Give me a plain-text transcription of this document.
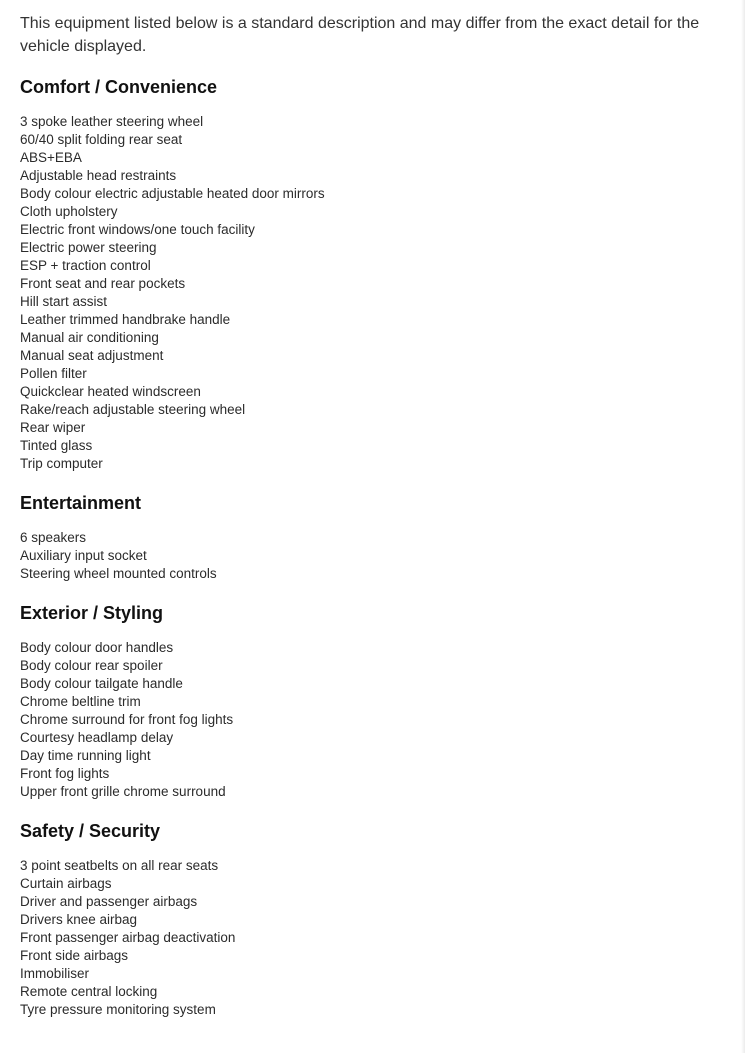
This equipment listed below is a standard description and may differ from the exact detail for the vehicle displayed.

Comfort / Convenience
3 spoke leather steering wheel
60/40 split folding rear seat
ABS+EBA
Adjustable head restraints
Body colour electric adjustable heated door mirrors
Cloth upholstery
Electric front windows/one touch facility
Electric power steering
ESP + traction control
Front seat and rear pockets
Hill start assist
Leather trimmed handbrake handle
Manual air conditioning
Manual seat adjustment
Pollen filter
Quickclear heated windscreen
Rake/reach adjustable steering wheel
Rear wiper
Tinted glass
Trip computer
Entertainment
6 speakers
Auxiliary input socket
Steering wheel mounted controls
Exterior / Styling
Body colour door handles
Body colour rear spoiler
Body colour tailgate handle
Chrome beltline trim
Chrome surround for front fog lights
Courtesy headlamp delay
Day time running light
Front fog lights
Upper front grille chrome surround
Safety / Security
3 point seatbelts on all rear seats
Curtain airbags
Driver and passenger airbags
Drivers knee airbag
Front passenger airbag deactivation
Front side airbags
Immobiliser
Remote central locking
Tyre pressure monitoring system
